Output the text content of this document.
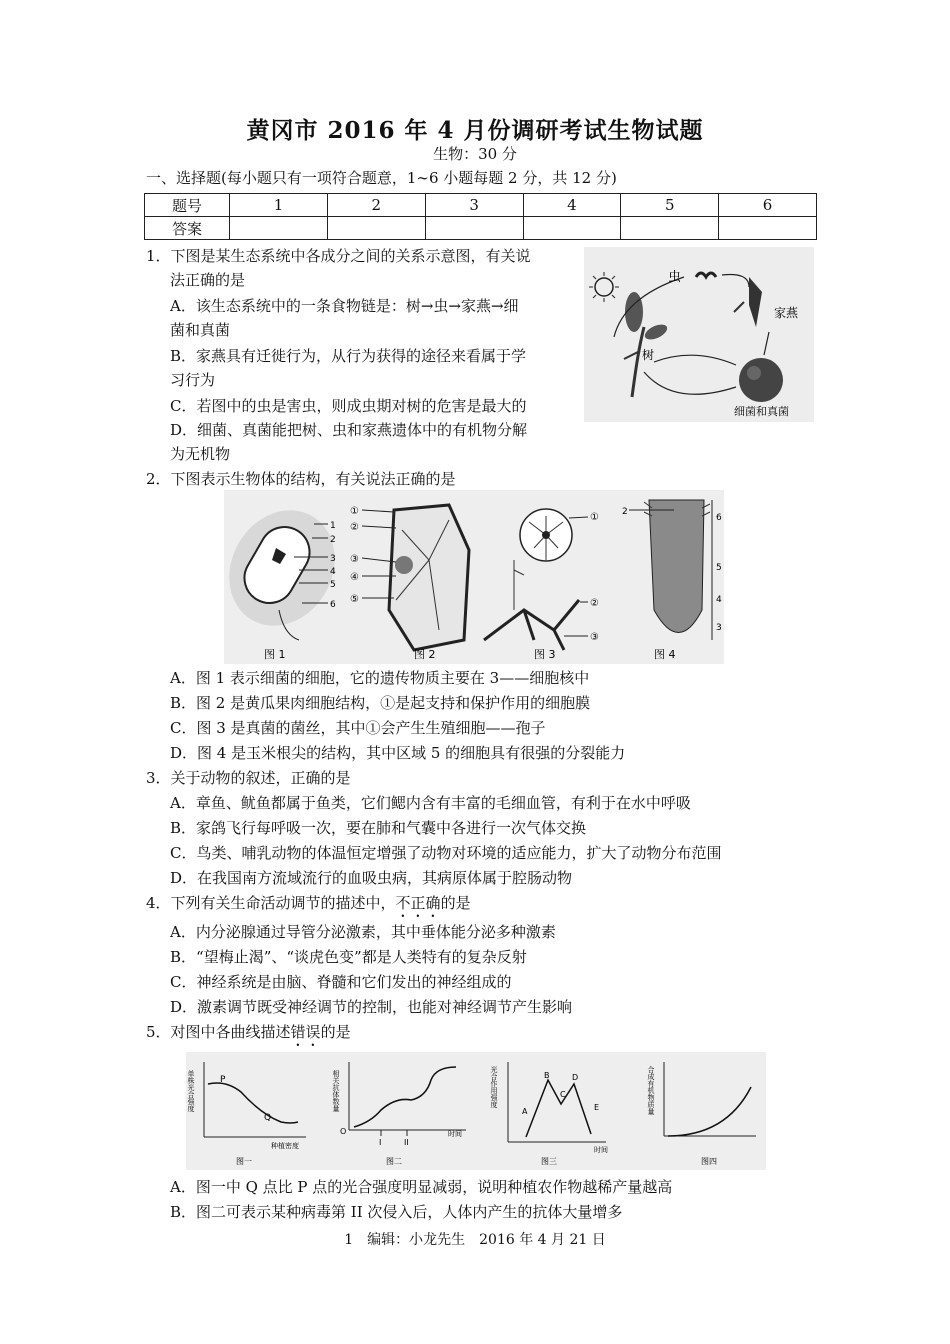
黄冈市 2016 年 4 月份调研考试生物试题
生物：30 分
一、选择题(每小题只有一项符合题意，1∼6 小题每题 2 分，共 12 分)
题号	1	2	3	4	5	6
答案						
1．下图是某生态系统中各成分之间的关系示意图，有关说
法正确的是
A．该生态系统中的一条食物链是：树→虫→家燕→细
菌和真菌
B．家燕具有迁徙行为，从行为获得的途径来看属于学
习行为
C．若图中的虫是害虫，则成虫期对树的危害是最大的
D．细菌、真菌能把树、虫和家燕遗体中的有机物分解
为无机物
虫
家燕
树
细菌和真菌
2．下图表示生物体的结构，有关说法正确的是
1
2
3
4
5
6
图 1
①
②
③
④
⑤
图 2
①
②
③
图 3
2
6
5
4
3
图 4
A．图 1 表示细菌的细胞，它的遗传物质主要在 3——细胞核中
B．图 2 是黄瓜果肉细胞结构，①是起支持和保护作用的细胞膜
C．图 3 是真菌的菌丝，其中①会产生生殖细胞——孢子
D．图 4 是玉米根尖的结构，其中区域 5 的细胞具有很强的分裂能力
3．关于动物的叙述，正确的是
A．章鱼、鱿鱼都属于鱼类，它们鳃内含有丰富的毛细血管，有利于在水中呼吸
B．家鸽飞行每呼吸一次，要在肺和气囊中各进行一次气体交换
C．鸟类、哺乳动物的体温恒定增强了动物对环境的适应能力，扩大了动物分布范围
D．在我国南方流域流行的血吸虫病，其病原体属于腔肠动物
4．下列有关生命活动调节的描述中，不正确的是
A．内分泌腺通过导管分泌激素，其中垂体能分泌多种激素
B．“望梅止渴”、“谈虎色变”都是人类特有的复杂反射
C．神经系统是由脑、脊髓和它们发出的神经组成的
D．激素调节既受神经调节的控制，也能对神经调节产生影响
5．对图中各曲线描述错误的是
单株光合强度
种植密度
P
Q
图一
相关抗体数量
O
I	II
时间
图二
光合作用强度
A
B
C
D
E
时间
图三
合成有机物质量
图四
A．图一中 Q 点比 P 点的光合强度明显减弱，说明种植农作物越稀产量越高
B．图二可表示某种病毒第 II 次侵入后，人体内产生的抗体大量增多
1　编辑：小龙先生　2016 年 4 月 21 日
